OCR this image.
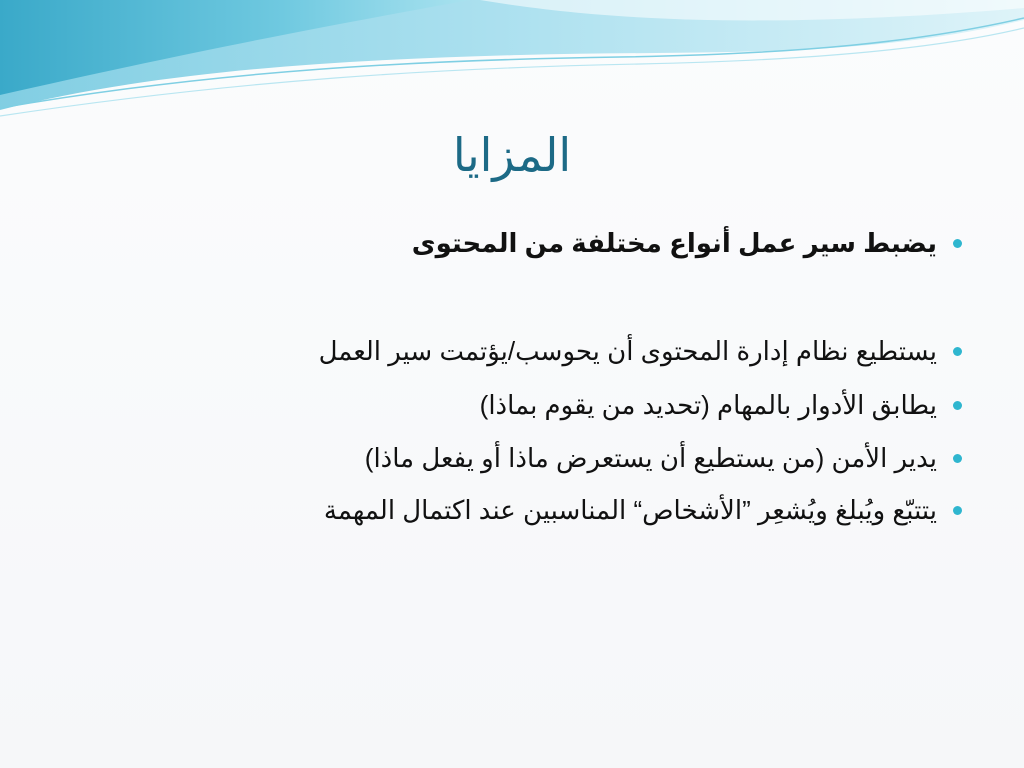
المزايا
يضبط سير عمل أنواع مختلفة من المحتوى
يستطيع نظام إدارة المحتوى أن يحوسب/يؤتمت سير العمل
يطابق الأدوار بالمهام (تحديد من يقوم بماذا)
يدير الأمن (من يستطيع أن يستعرض ماذا أو يفعل ماذا)
يتتبّع ويُبلغ ويُشعِر ”الأشخاص“ المناسبين عند اكتمال المهمة
